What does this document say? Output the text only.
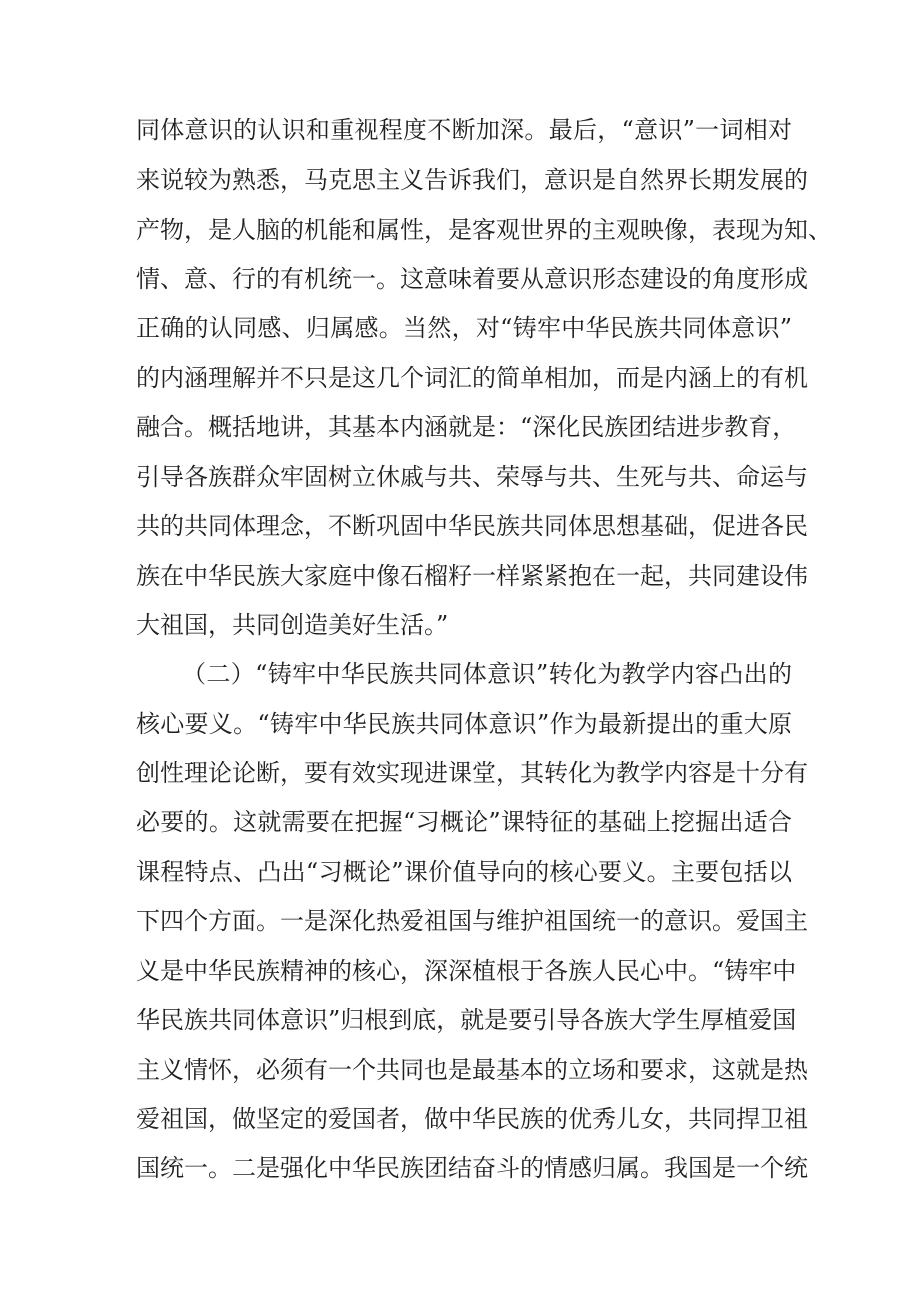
同体意识的认识和重视程度不断加深。最后，“意识”一词相对
来说较为熟悉，马克思主义告诉我们，意识是自然界长期发展的
产物，是人脑的机能和属性，是客观世界的主观映像，表现为知、
情、意、行的有机统一。这意味着要从意识形态建设的角度形成
正确的认同感、归属感。当然，对“铸牢中华民族共同体意识”
的内涵理解并不只是这几个词汇的简单相加，而是内涵上的有机
融合。概括地讲，其基本内涵就是：“深化民族团结进步教育，
引导各族群众牢固树立休戚与共、荣辱与共、生死与共、命运与
共的共同体理念，不断巩固中华民族共同体思想基础，促进各民
族在中华民族大家庭中像石榴籽一样紧紧抱在一起，共同建设伟
大祖国，共同创造美好生活。”
（二）“铸牢中华民族共同体意识”转化为教学内容凸出的
核心要义。“铸牢中华民族共同体意识”作为最新提出的重大原
创性理论论断，要有效实现进课堂，其转化为教学内容是十分有
必要的。这就需要在把握“习概论”课特征的基础上挖掘出适合
课程特点、凸出“习概论”课价值导向的核心要义。主要包括以
下四个方面。一是深化热爱祖国与维护祖国统一的意识。爱国主
义是中华民族精神的核心，深深植根于各族人民心中。“铸牢中
华民族共同体意识”归根到底，就是要引导各族大学生厚植爱国
主义情怀，必须有一个共同也是最基本的立场和要求，这就是热
爱祖国，做坚定的爱国者，做中华民族的优秀儿女，共同捍卫祖
国统一。二是强化中华民族团结奋斗的情感归属。我国是一个统
